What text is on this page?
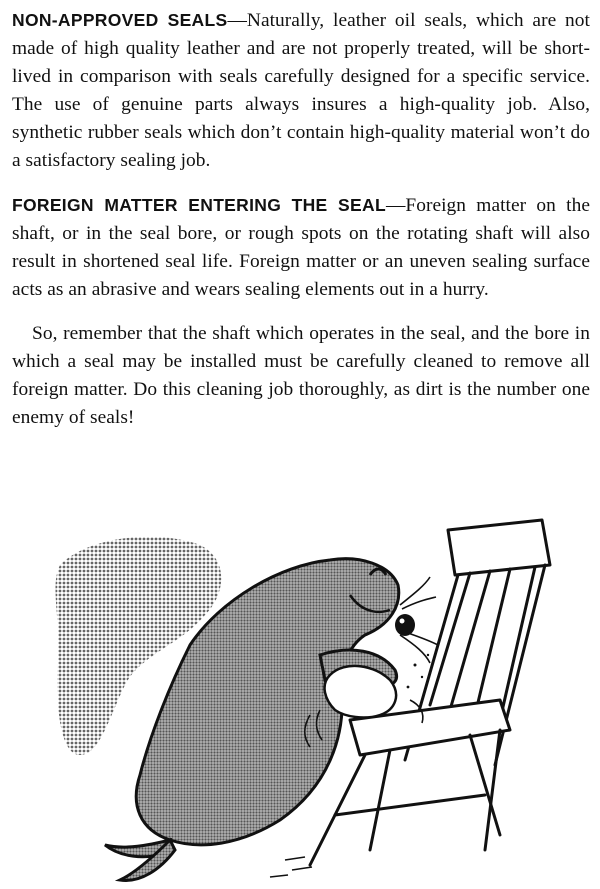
NON-APPROVED SEALS—Naturally, leather oil seals, which are not made of high quality leather and are not properly treated, will be short-lived in comparison with seals carefully designed for a specific service. The use of genuine parts always insures a high-quality job. Also, synthetic rubber seals which don’t contain high-quality material won’t do a satisfactory sealing job.

FOREIGN MATTER ENTERING THE SEAL—Foreign matter on the shaft, or in the seal bore, or rough spots on the rotating shaft will also result in shortened seal life. Foreign matter or an uneven sealing surface acts as an abrasive and wears sealing elements out in a hurry.

So, remember that the shaft which operates in the seal, and the bore in which a seal may be installed must be carefully cleaned to remove all foreign matter. Do this cleaning job thoroughly, as dirt is the number one enemy of seals!
